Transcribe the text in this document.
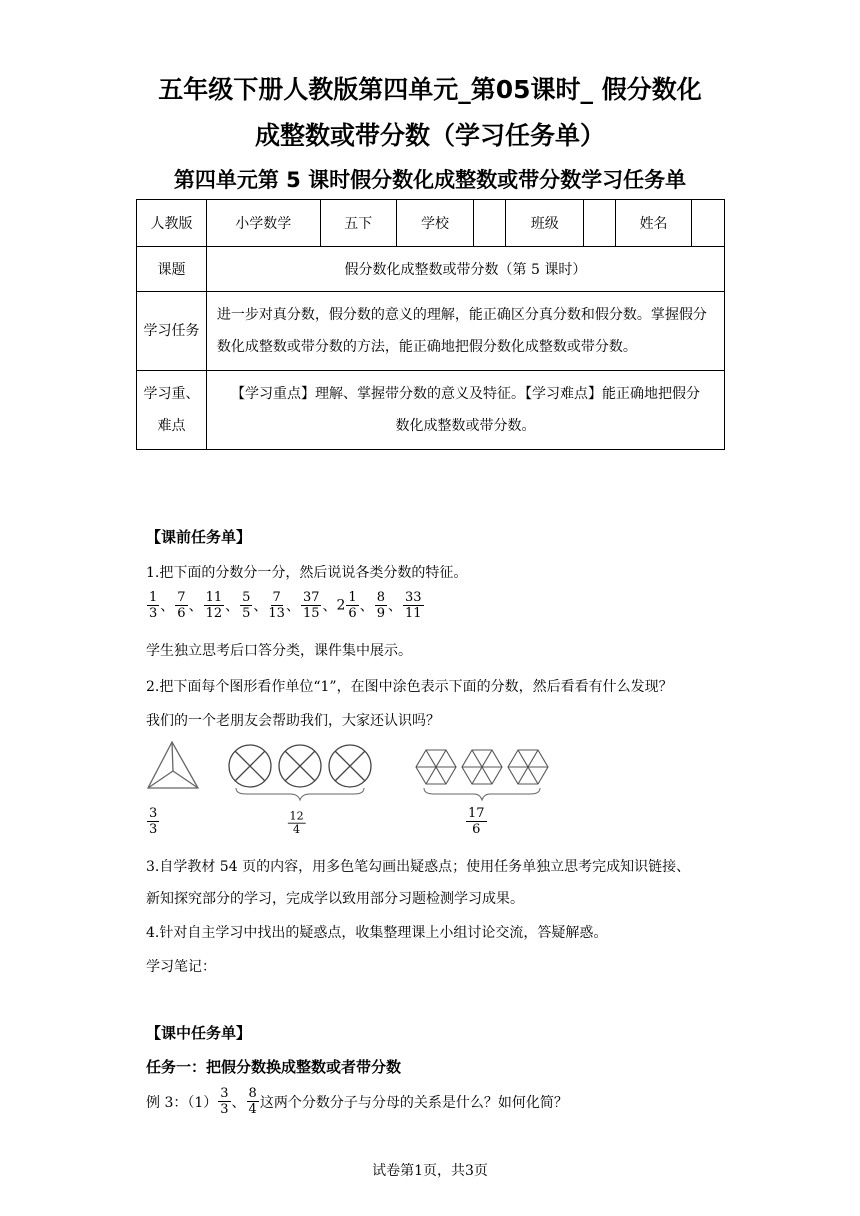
五年级下册人教版第四单元_第05课时_ 假分数化
成整数或带分数（学习任务单）
第四单元第 5 课时假分数化成整数或带分数学习任务单
人教版	小学数学	五下	学校		班级		姓名	
课题	假分数化成整数或带分数（第 5 课时）							
学习任务	进一步对真分数，假分数的意义的理解，能正确区分真分数和假分数。掌握假分数化成整数或带分数的方法，能正确地把假分数化成整数或带分数。							
学习重、难点	【学习重点】理解、掌握带分数的意义及特征。【学习难点】能正确地把假分
数化成整数或带分数。							
【课前任务单】
1.把下面的分数分一分，然后说说各类分数的特征。
$\frac{1}{3}$ 、 $\frac{7}{6}$ 、 $\frac{11}{12}$ 、 $\frac{5}{5}$ 、 $\frac{7}{13}$ 、 $\frac{37}{15}$ 、$2 \frac{1}{6}$ 、 $\frac{8}{9}$ 、 $\frac{33}{11}$
学生独立思考后口答分类，课件集中展示。
2.把下面每个图形看作单位“1”，在图中涂色表示下面的分数，然后看看有什么发现？
我们的一个老朋友会帮助我们，大家还认识吗？
$\frac{3}{3}$	$\frac{12}{4}$	$\frac{17}{6}$
3.自学教材 54 页的内容，用多色笔勾画出疑惑点；使用任务单独立思考完成知识链接、
新知探究部分的学习，完成学以致用部分习题检测学习成果。
4.针对自主学习中找出的疑惑点，收集整理课上小组讨论交流，答疑解惑。
学习笔记：
【课中任务单】
任务一：把假分数换成整数或者带分数
例 3：$(1) \frac{3}{3}$ 、 $\frac{8}{4}$ 这两个分数分子与分母的关系是什么？如何化简？
试卷第1页，共3页
